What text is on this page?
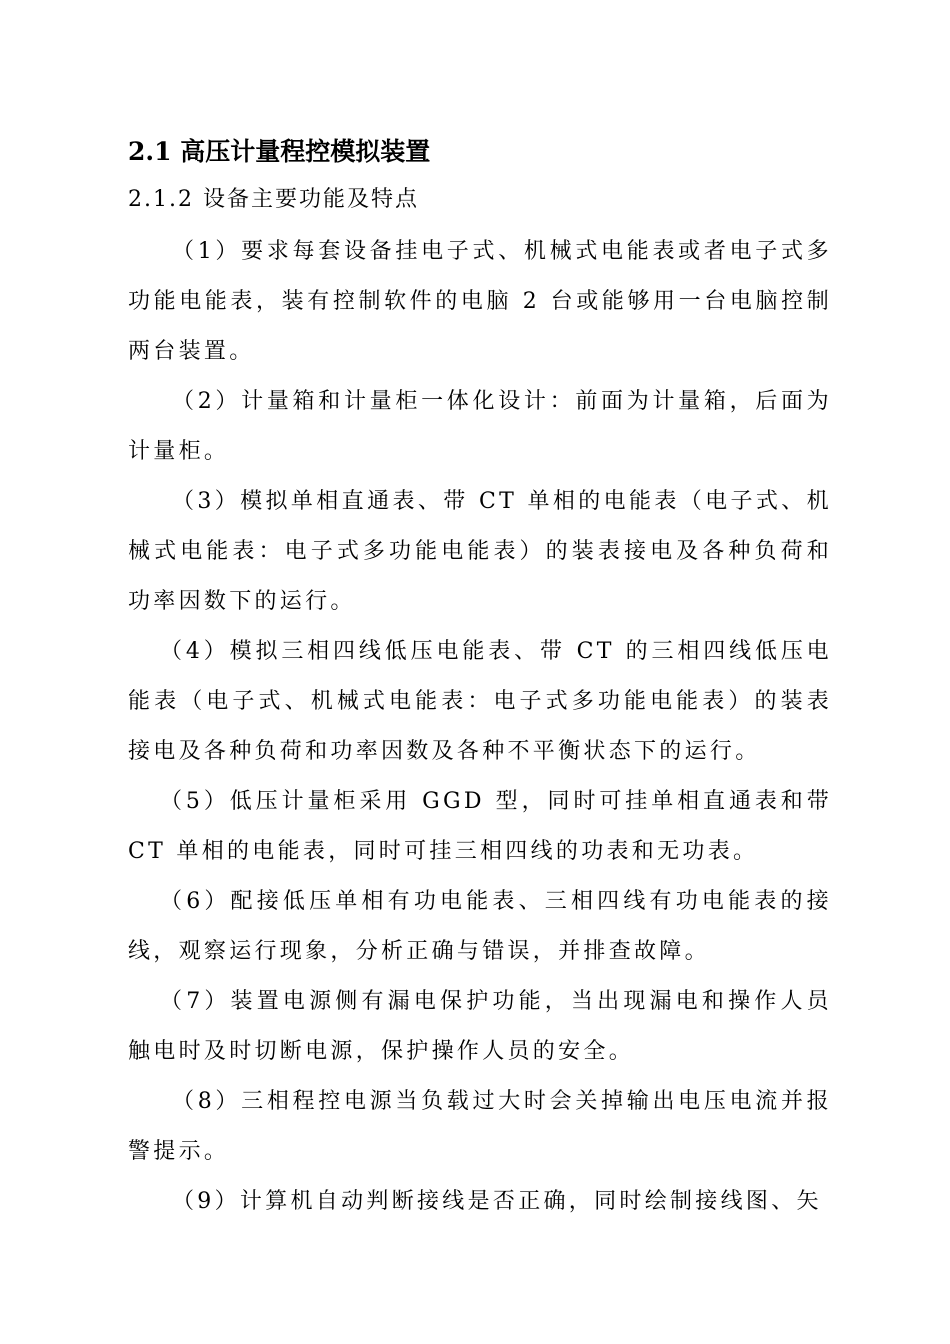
2.1 高压计量程控模拟装置
2.1.2 设备主要功能及特点
（1）要求每套设备挂电子式、机械式电能表或者电子式多功能电能表，装有控制软件的电脑 2 台或能够用一台电脑控制两台装置。
（2）计量箱和计量柜一体化设计：前面为计量箱，后面为计量柜。
（3）模拟单相直通表、带 CT 单相的电能表（电子式、机械式电能表：电子式多功能电能表）的装表接电及各种负荷和功率因数下的运行。
（4）模拟三相四线低压电能表、带 CT 的三相四线低压电能表（电子式、机械式电能表：电子式多功能电能表）的装表接电及各种负荷和功率因数及各种不平衡状态下的运行。
（5）低压计量柜采用 GGD 型，同时可挂单相直通表和带 CT 单相的电能表，同时可挂三相四线的功表和无功表。
（6）配接低压单相有功电能表、三相四线有功电能表的接线，观察运行现象，分析正确与错误，并排查故障。
（7）装置电源侧有漏电保护功能，当出现漏电和操作人员触电时及时切断电源，保护操作人员的安全。
（8）三相程控电源当负载过大时会关掉输出电压电流并报警提示。
（9）计算机自动判断接线是否正确，同时绘制接线图、矢
